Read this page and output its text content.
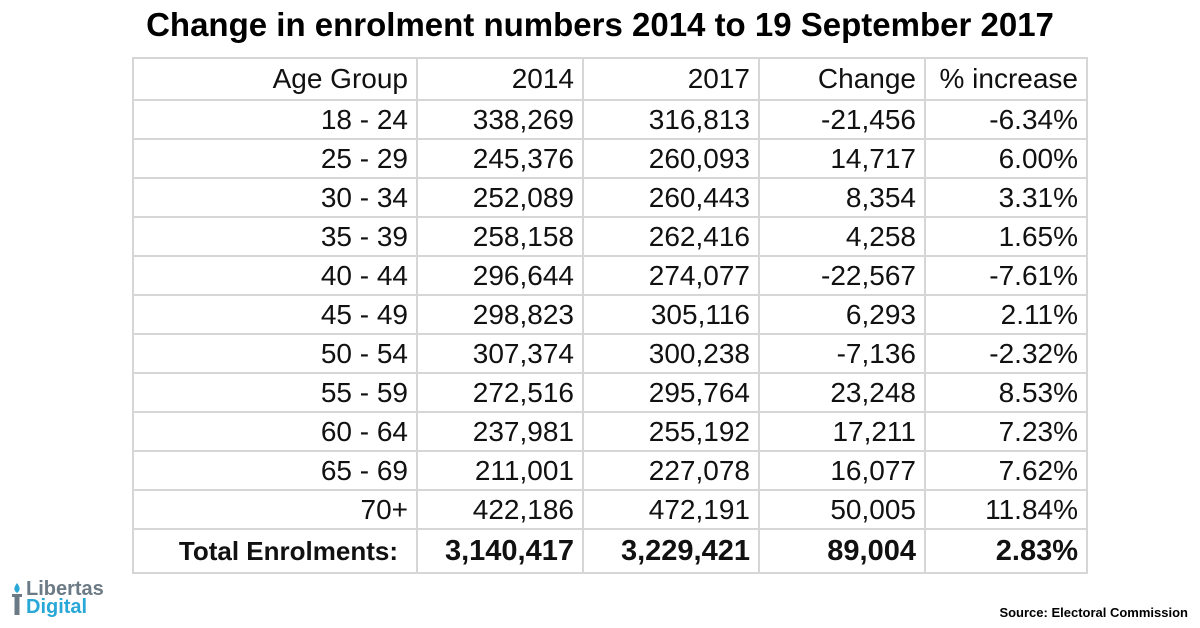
Change in enrolment numbers 2014 to 19 September 2017
Age Group	2014	2017	Change	% increase
18 - 24	338,269	316,813	-21,456	-6.34%
25 - 29	245,376	260,093	14,717	6.00%
30 - 34	252,089	260,443	8,354	3.31%
35 - 39	258,158	262,416	4,258	1.65%
40 - 44	296,644	274,077	-22,567	-7.61%
45 - 49	298,823	305,116	6,293	2.11%
50 - 54	307,374	300,238	-7,136	-2.32%
55 - 59	272,516	295,764	23,248	8.53%
60 - 64	237,981	255,192	17,211	7.23%
65 - 69	211,001	227,078	16,077	7.62%
70+	422,186	472,191	50,005	11.84%
Total Enrolments:	3,140,417	3,229,421	89,004	2.83%
Libertas
Digital	Source: Electoral Commission
